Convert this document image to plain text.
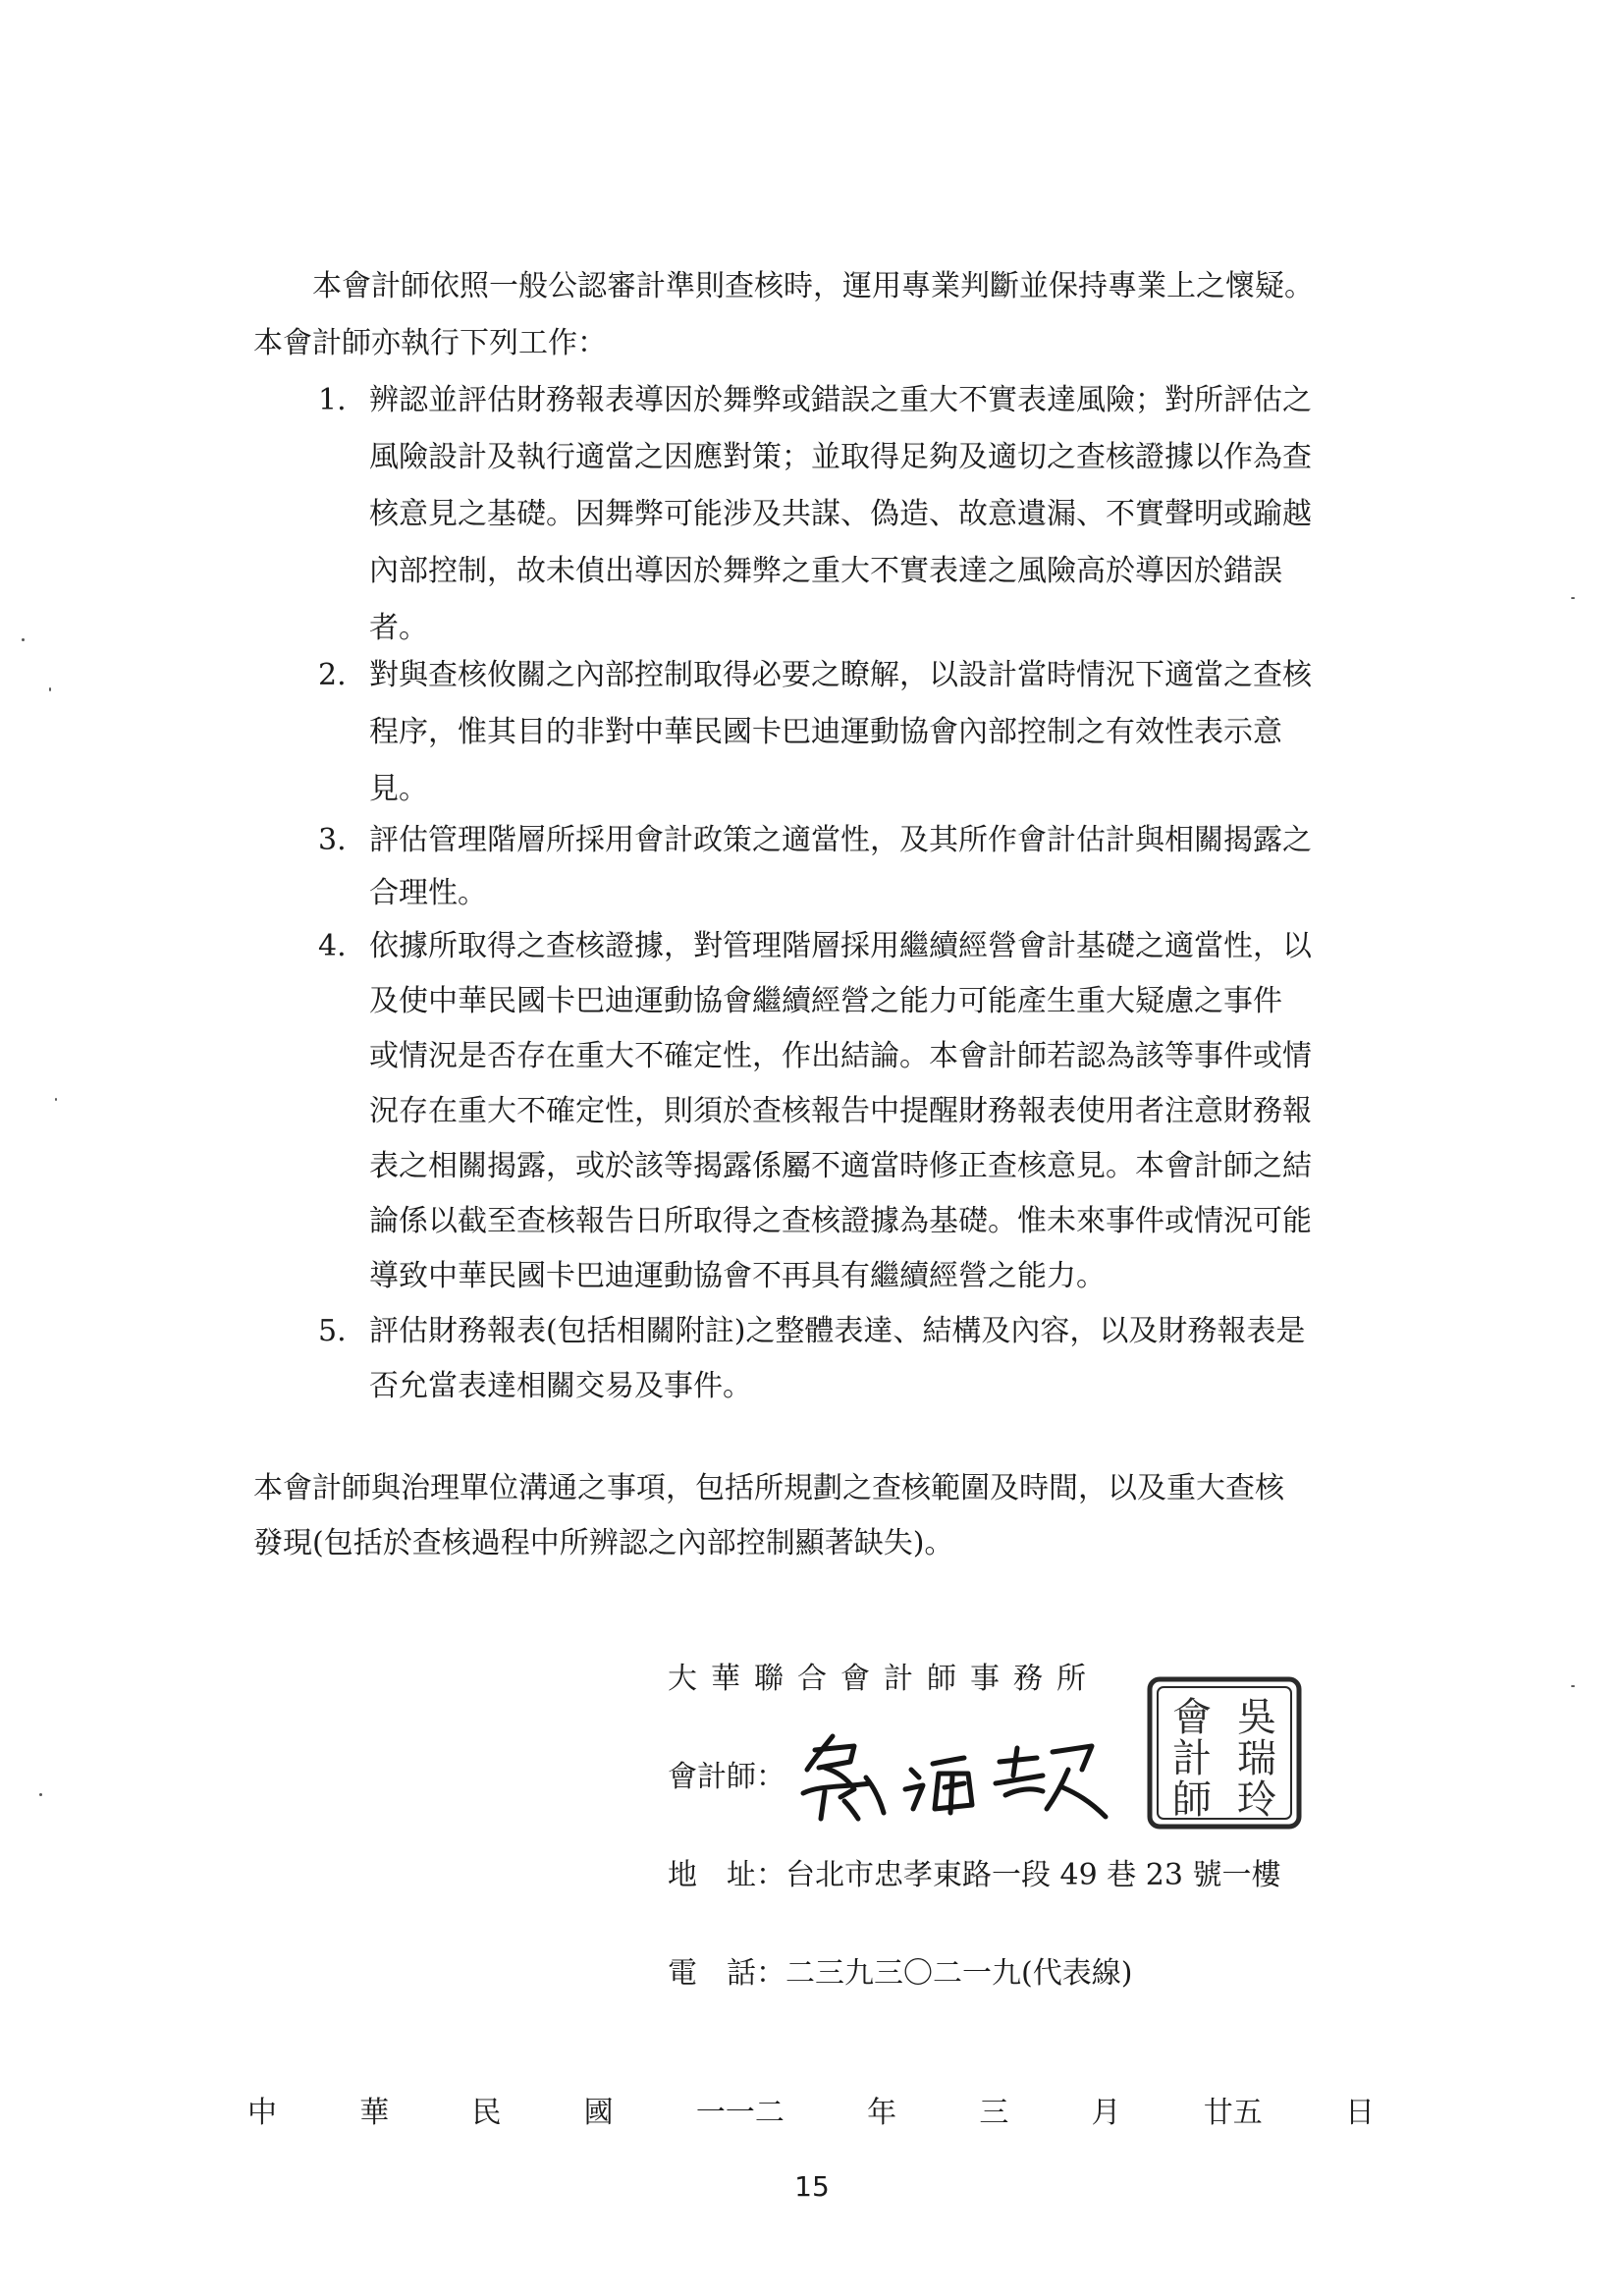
本會計師依照一般公認審計準則查核時，運用專業判斷並保持專業上之懷疑。
本會計師亦執行下列工作：
1. 辨認並評估財務報表導因於舞弊或錯誤之重大不實表達風險；對所評估之
風險設計及執行適當之因應對策；並取得足夠及適切之查核證據以作為查
核意見之基礎。因舞弊可能涉及共謀、偽造、故意遺漏、不實聲明或踰越
內部控制，故未偵出導因於舞弊之重大不實表達之風險高於導因於錯誤
者。
2. 對與查核攸關之內部控制取得必要之瞭解，以設計當時情況下適當之查核
程序，惟其目的非對中華民國卡巴迪運動協會內部控制之有效性表示意
見。
3. 評估管理階層所採用會計政策之適當性，及其所作會計估計與相關揭露之
合理性。
4. 依據所取得之查核證據，對管理階層採用繼續經營會計基礎之適當性，以
及使中華民國卡巴迪運動協會繼續經營之能力可能產生重大疑慮之事件
或情況是否存在重大不確定性，作出結論。本會計師若認為該等事件或情
況存在重大不確定性，則須於查核報告中提醒財務報表使用者注意財務報
表之相關揭露，或於該等揭露係屬不適當時修正查核意見。本會計師之結
論係以截至查核報告日所取得之查核證據為基礎。惟未來事件或情況可能
導致中華民國卡巴迪運動協會不再具有繼續經營之能力。
5. 評估財務報表(包括相關附註)之整體表達、結構及內容，以及財務報表是
否允當表達相關交易及事件。
本會計師與治理單位溝通之事項，包括所規劃之查核範圍及時間，以及重大查核
發現(包括於查核過程中所辨認之內部控制顯著缺失)。
大華聯合會計師事務所
會計師：
吳
瑞
玲
會
計
師
地　址：台北市忠孝東路一段 49 巷 23 號一樓
電　話：二三九三〇二一九(代表線)
中	華	民	國	一一二	年	三	月	廿五	日
15
